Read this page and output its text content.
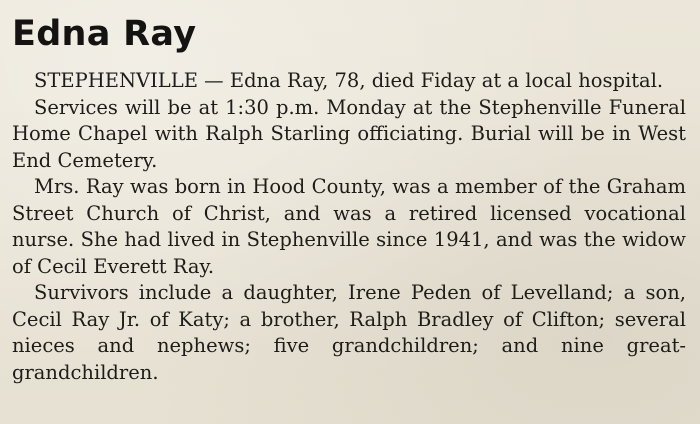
Edna Ray

STEPHENVILLE — Edna Ray, 78, died Fiday at a local hospital.

Services will be at 1:30 p.m. Monday at the Stephenville Funeral Home Chapel with Ralph Starling officiating. Burial will be in West End Cemetery.

Mrs. Ray was born in Hood County, was a member of the Graham Street Church of Christ, and was a retired licensed vocational nurse. She had lived in Stephenville since 1941, and was the widow of Cecil Everett Ray.

Survivors include a daughter, Irene Peden of Levelland; a son, Cecil Ray Jr. of Katy; a brother, Ralph Bradley of Clifton; several nieces and nephews; five grandchildren; and nine great-grandchildren.
